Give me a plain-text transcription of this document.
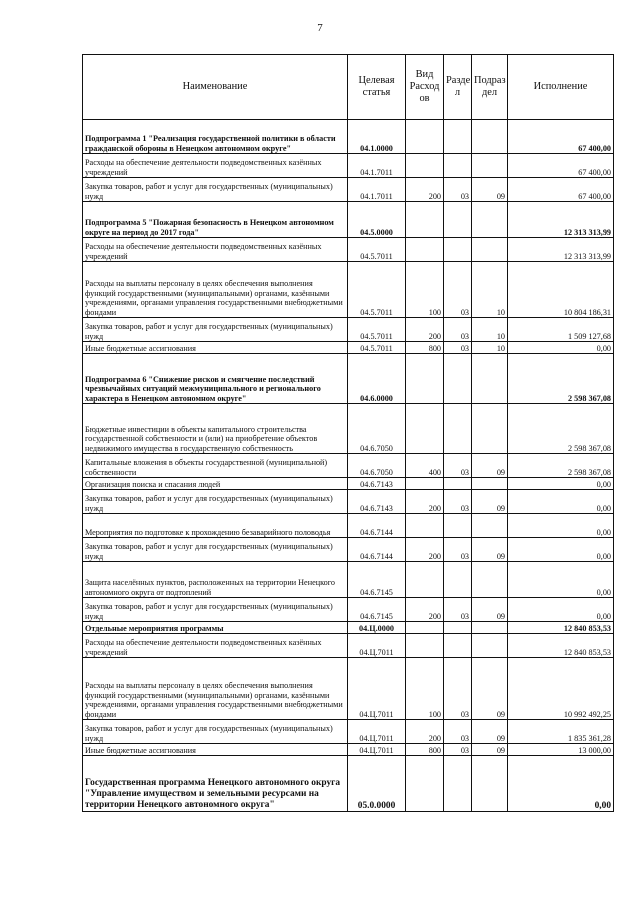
7
Наименование	Целевая статья	Вид Расход ов	Разде л	Подраз дел	Исполнение
Подпрограмма 1 "Реализация государственной политики в области гражданской обороны в Ненецком автономном округе"	04.1.0000				67 400,00
Расходы на обеспечение деятельности подведомственных казённых учреждений	04.1.7011				67 400,00
Закупка товаров, работ и услуг для государственных (муниципальных) нужд	04.1.7011	200	03	09	67 400,00
Подпрограмма 5 "Пожарная безопасность в Ненецком автономном округе на период до 2017 года"	04.5.0000				12 313 313,99
Расходы на обеспечение деятельности подведомственных казённых учреждений	04.5.7011				12 313 313,99
Расходы на выплаты персоналу в целях обеспечения выполнения функций государственными (муниципальными) органами, казёнными учреждениями, органами управления государственными внебюджетными фондами	04.5.7011	100	03	10	10 804 186,31
Закупка товаров, работ и услуг для государственных (муниципальных) нужд	04.5.7011	200	03	10	1 509 127,68
Иные бюджетные ассигнования	04.5.7011	800	03	10	0,00
Подпрограмма 6 "Снижение рисков и смягчение последствий чрезвычайных ситуаций межмуниципального и регионального характера в Ненецком автономном округе"	04.6.0000				2 598 367,08
Бюджетные инвестиции в объекты капитального строительства государственной собственности и (или) на приобретение объектов недвижимого имущества в государственную собственность	04.6.7050				2 598 367,08
Капитальные вложения в объекты государственной (муниципальной) собственности	04.6.7050	400	03	09	2 598 367,08
Организация поиска и спасания людей	04.6.7143				0,00
Закупка товаров, работ и услуг для государственных (муниципальных) нужд	04.6.7143	200	03	09	0,00
Мероприятия по подготовке к прохождению безаварийного половодья	04.6.7144				0,00
Закупка товаров, работ и услуг для государственных (муниципальных) нужд	04.6.7144	200	03	09	0,00
Защита населённых пунктов, расположенных на территории Ненецкого автономного округа от подтоплений	04.6.7145				0,00
Закупка товаров, работ и услуг для государственных (муниципальных) нужд	04.6.7145	200	03	09	0,00
Отдельные мероприятия программы	04.Ц.0000				12 840 853,53
Расходы на обеспечение деятельности подведомственных казённых учреждений	04.Ц.7011				12 840 853,53
Расходы на выплаты персоналу в целях обеспечения выполнения функций государственными (муниципальными) органами, казёнными учреждениями, органами управления государственными внебюджетными фондами	04.Ц.7011	100	03	09	10 992 492,25
Закупка товаров, работ и услуг для государственных (муниципальных) нужд	04.Ц.7011	200	03	09	1 835 361,28
Иные бюджетные ассигнования	04.Ц.7011	800	03	09	13 000,00
Государственная программа Ненецкого автономного округа "Управление имуществом и земельными ресурсами на территории Ненецкого автономного округа"	05.0.0000				0,00
